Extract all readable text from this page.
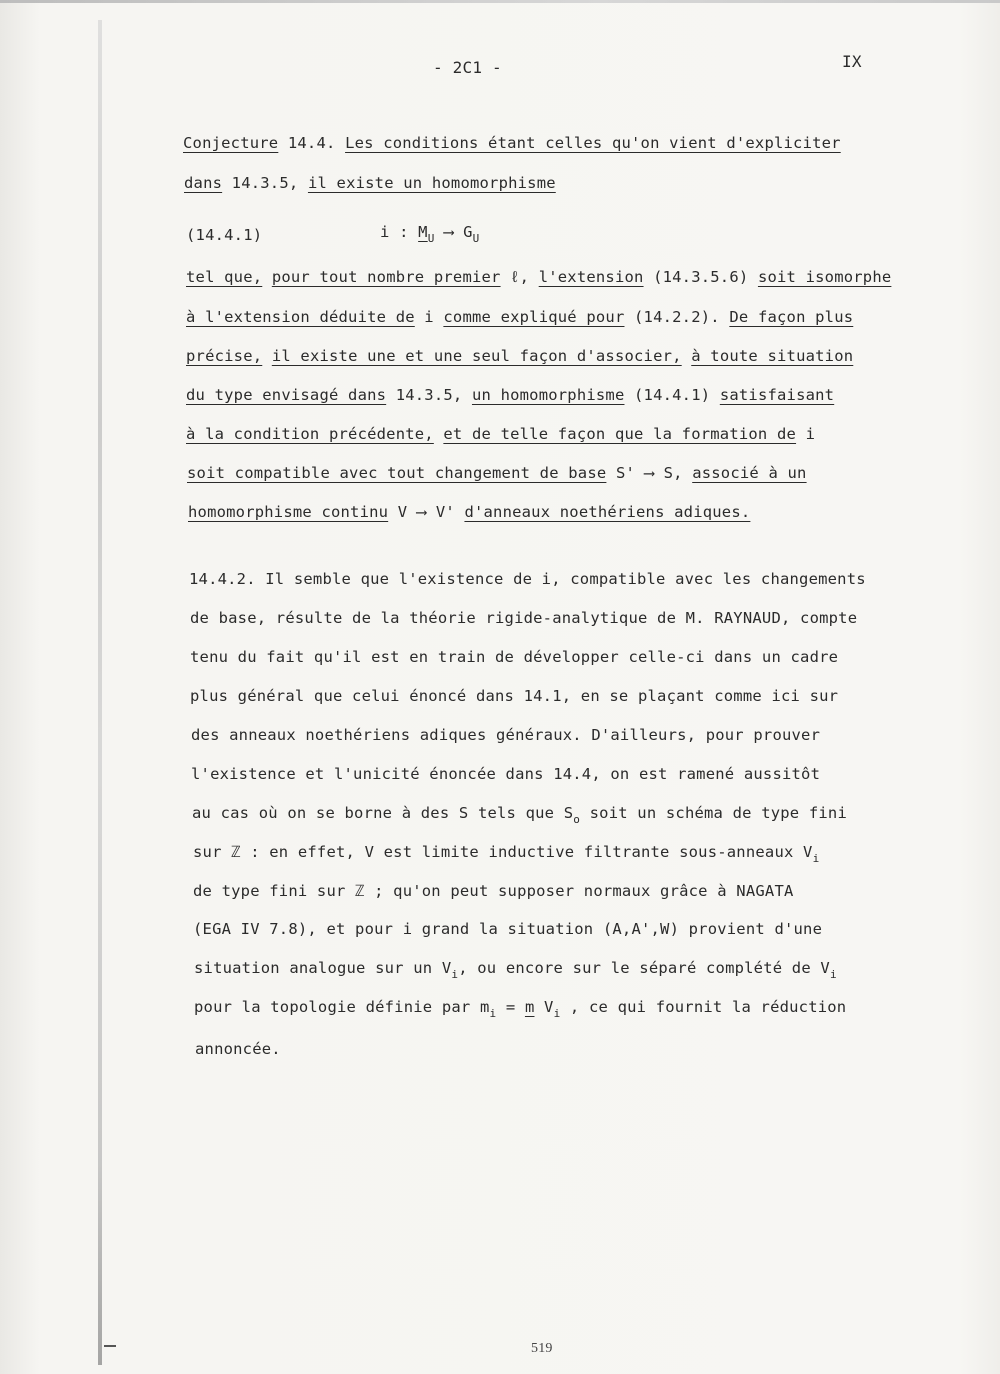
- 2C1 -	IX
Conjecture 14.4. Les conditions étant celles qu'on vient d'expliciter
dans 14.3.5, il existe un homomorphisme
(14.4.1)	i : $M_U$ ⟶ $G_U$
tel que, pour tout nombre premier ℓ, l'extension (14.3.5.6) soit isomorphe
à l'extension déduite de i comme expliqué pour (14.2.2). De façon plus
précise, il existe une et une seul façon d'associer, à toute situation
du type envisagé dans 14.3.5, un homomorphisme (14.4.1) satisfaisant
à la condition précédente, et de telle façon que la formation de i
soit compatible avec tout changement de base S' ⟶ S, associé à un
homomorphisme continu V ⟶ V' d'anneaux noethériens adiques.
14.4.2. Il semble que l'existence de i, compatible avec les changements
de base, résulte de la théorie rigide-analytique de M. RAYNAUD, compte
tenu du fait qu'il est en train de développer celle-ci dans un cadre
plus général que celui énoncé dans 14.1, en se plaçant comme ici sur
des anneaux noethériens adiques généraux. D'ailleurs, pour prouver
l'existence et l'unicité énoncée dans 14.4, on est ramené aussitôt
au cas où on se borne à des S tels que $S_o$ soit un schéma de type fini
sur ℤ : en effet, V est limite inductive filtrante sous-anneaux $V_i$
de type fini sur ℤ ; qu'on peut supposer normaux grâce à NAGATA
(EGA IV 7.8), et pour i grand la situation (A,A',W) provient d'une
situation analogue sur un $V_i$, ou encore sur le séparé complété de $V_i$
pour la topologie définie par $m_i = m$ $V_i$ , ce qui fournit la réduction
annoncée.
519
